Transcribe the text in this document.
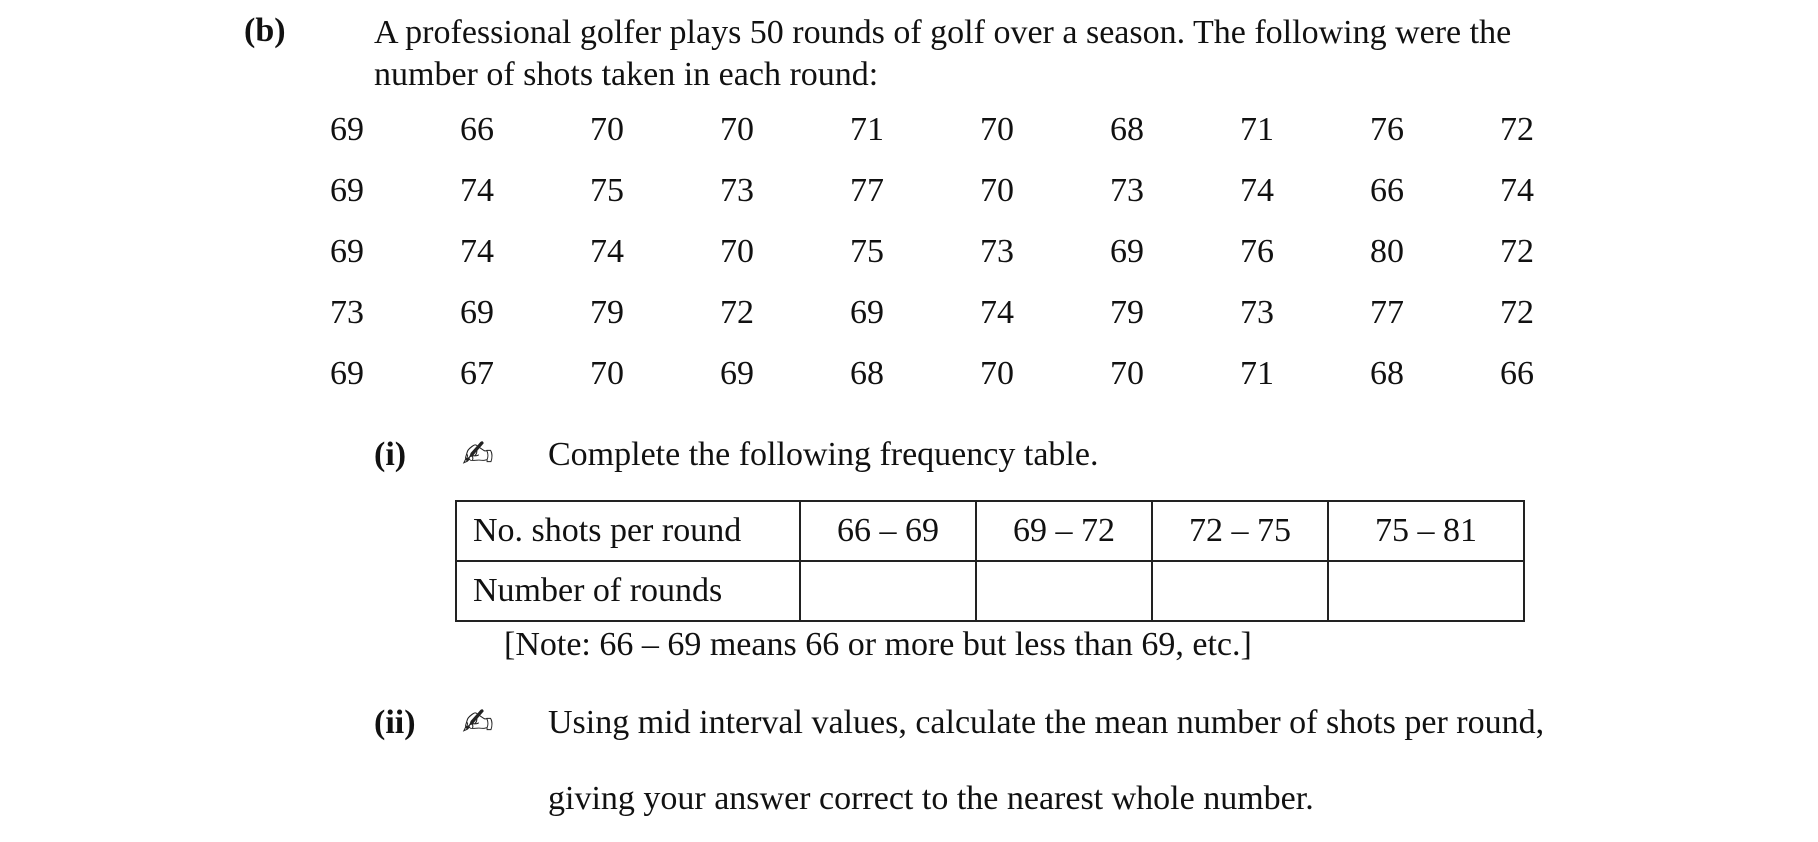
(b)	A professional golfer plays 50 rounds of golf over a season. The following were the
number of shots taken in each round:
69	66	70	70	71	70	68	71	76	72
69	74	75	73	77	70	73	74	66	74
69	74	74	70	75	73	69	76	80	72
73	69	79	72	69	74	79	73	77	72
69	67	70	69	68	70	70	71	68	66
(i) ✍ Complete the following frequency table.
No. shots per round	66 – 69	69 – 72	72 – 75	75 – 81
Number of rounds				
[Note: 66 – 69 means 66 or more but less than 69, etc.]
(ii) ✍ Using mid interval values, calculate the mean number of shots per round,
giving your answer correct to the nearest whole number.
